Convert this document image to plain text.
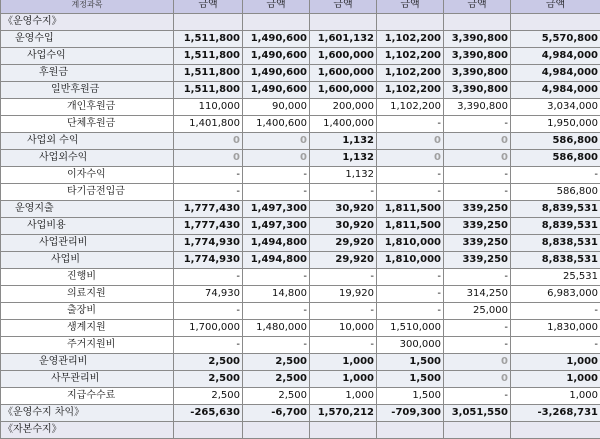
계정과목	금액	금액	금액	금액	금액	금액
《운영수지》						
운영수입	1,511,800	1,490,600	1,601,132	1,102,200	3,390,800	5,570,800
사업수익	1,511,800	1,490,600	1,600,000	1,102,200	3,390,800	4,984,000
후원금	1,511,800	1,490,600	1,600,000	1,102,200	3,390,800	4,984,000
일반후원금	1,511,800	1,490,600	1,600,000	1,102,200	3,390,800	4,984,000
개인후원금	110,000	90,000	200,000	1,102,200	3,390,800	3,034,000
단체후원금	1,401,800	1,400,600	1,400,000	-	-	1,950,000
사업외 수익	0	0	1,132	0	0	586,800
사업외수익	0	0	1,132	0	0	586,800
이자수익	-	-	1,132	-	-	-
타기금전입금	-	-	-	-	-	586,800
운영지출	1,777,430	1,497,300	30,920	1,811,500	339,250	8,839,531
사업비용	1,777,430	1,497,300	30,920	1,811,500	339,250	8,839,531
사업관리비	1,774,930	1,494,800	29,920	1,810,000	339,250	8,838,531
사업비	1,774,930	1,494,800	29,920	1,810,000	339,250	8,838,531
진행비	-	-	-	-	-	25,531
의료지원	74,930	14,800	19,920	-	314,250	6,983,000
출장비	-	-	-	-	25,000	-
생계지원	1,700,000	1,480,000	10,000	1,510,000	-	1,830,000
주거지원비	-	-	-	300,000	-	-
운영관리비	2,500	2,500	1,000	1,500	0	1,000
사무관리비	2,500	2,500	1,000	1,500	0	1,000
지급수수료	2,500	2,500	1,000	1,500	-	1,000
《운영수지 차익》	-265,630	-6,700	1,570,212	-709,300	3,051,550	-3,268,731
《자본수지》						
